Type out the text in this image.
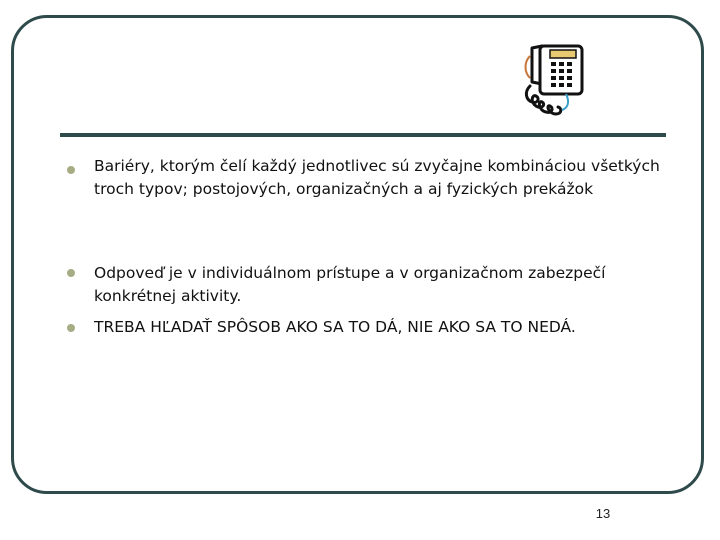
Bariéry, ktorým čelí každý jednotlivec sú zvyčajne kombináciou všetkých troch typov; postojových, organizačných a aj fyzických prekážok
Odpoveď je v individuálnom prístupe a v organizačnom zabezpečí konkrétnej aktivity.
TREBA HĽADAŤ SPÔSOB AKO SA TO DÁ, NIE AKO SA TO NEDÁ.
13
